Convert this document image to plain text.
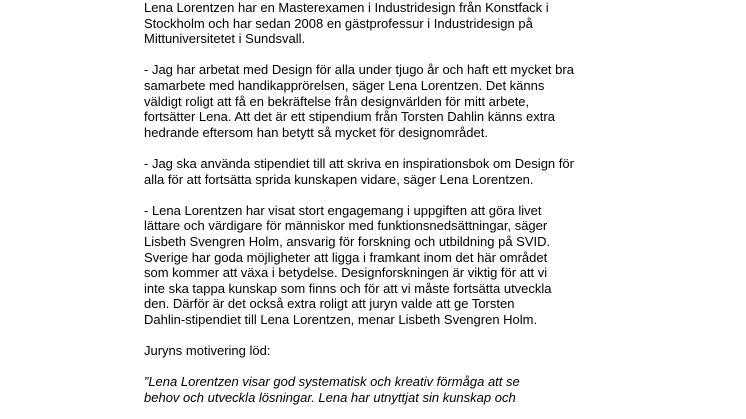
Lena Lorentzen har en Masterexamen i Industridesign från Konstfack i
Stockholm och har sedan 2008 en gästprofessur i Industridesign på
Mittuniversitetet i Sundsvall.

- Jag har arbetat med Design för alla under tjugo år och haft ett mycket bra
samarbete med handikapprörelsen, säger Lena Lorentzen. Det känns
väldigt roligt att få en bekräftelse från designvärlden för mitt arbete,
fortsätter Lena. Att det är ett stipendium från Torsten Dahlin känns extra
hedrande eftersom han betytt så mycket för designområdet.

- Jag ska använda stipendiet till att skriva en inspirationsbok om Design för
alla för att fortsätta sprida kunskapen vidare, säger Lena Lorentzen.

- Lena Lorentzen har visat stort engagemang i uppgiften att göra livet
lättare och värdigare för människor med funktionsnedsättningar, säger
Lisbeth Svengren Holm, ansvarig för forskning och utbildning på SVID.
Sverige har goda möjligheter att ligga i framkant inom det här området
som kommer att växa i betydelse. Designforskningen är viktig för att vi
inte ska tappa kunskap som finns och för att vi måste fortsätta utveckla
den. Därför är det också extra roligt att juryn valde att ge Torsten
Dahlin-stipendiet till Lena Lorentzen, menar Lisbeth Svengren Holm.

Juryns motivering löd:

”Lena Lorentzen visar god systematisk och kreativ förmåga att se
behov och utveckla lösningar. Lena har utnyttjat sin kunskap och
